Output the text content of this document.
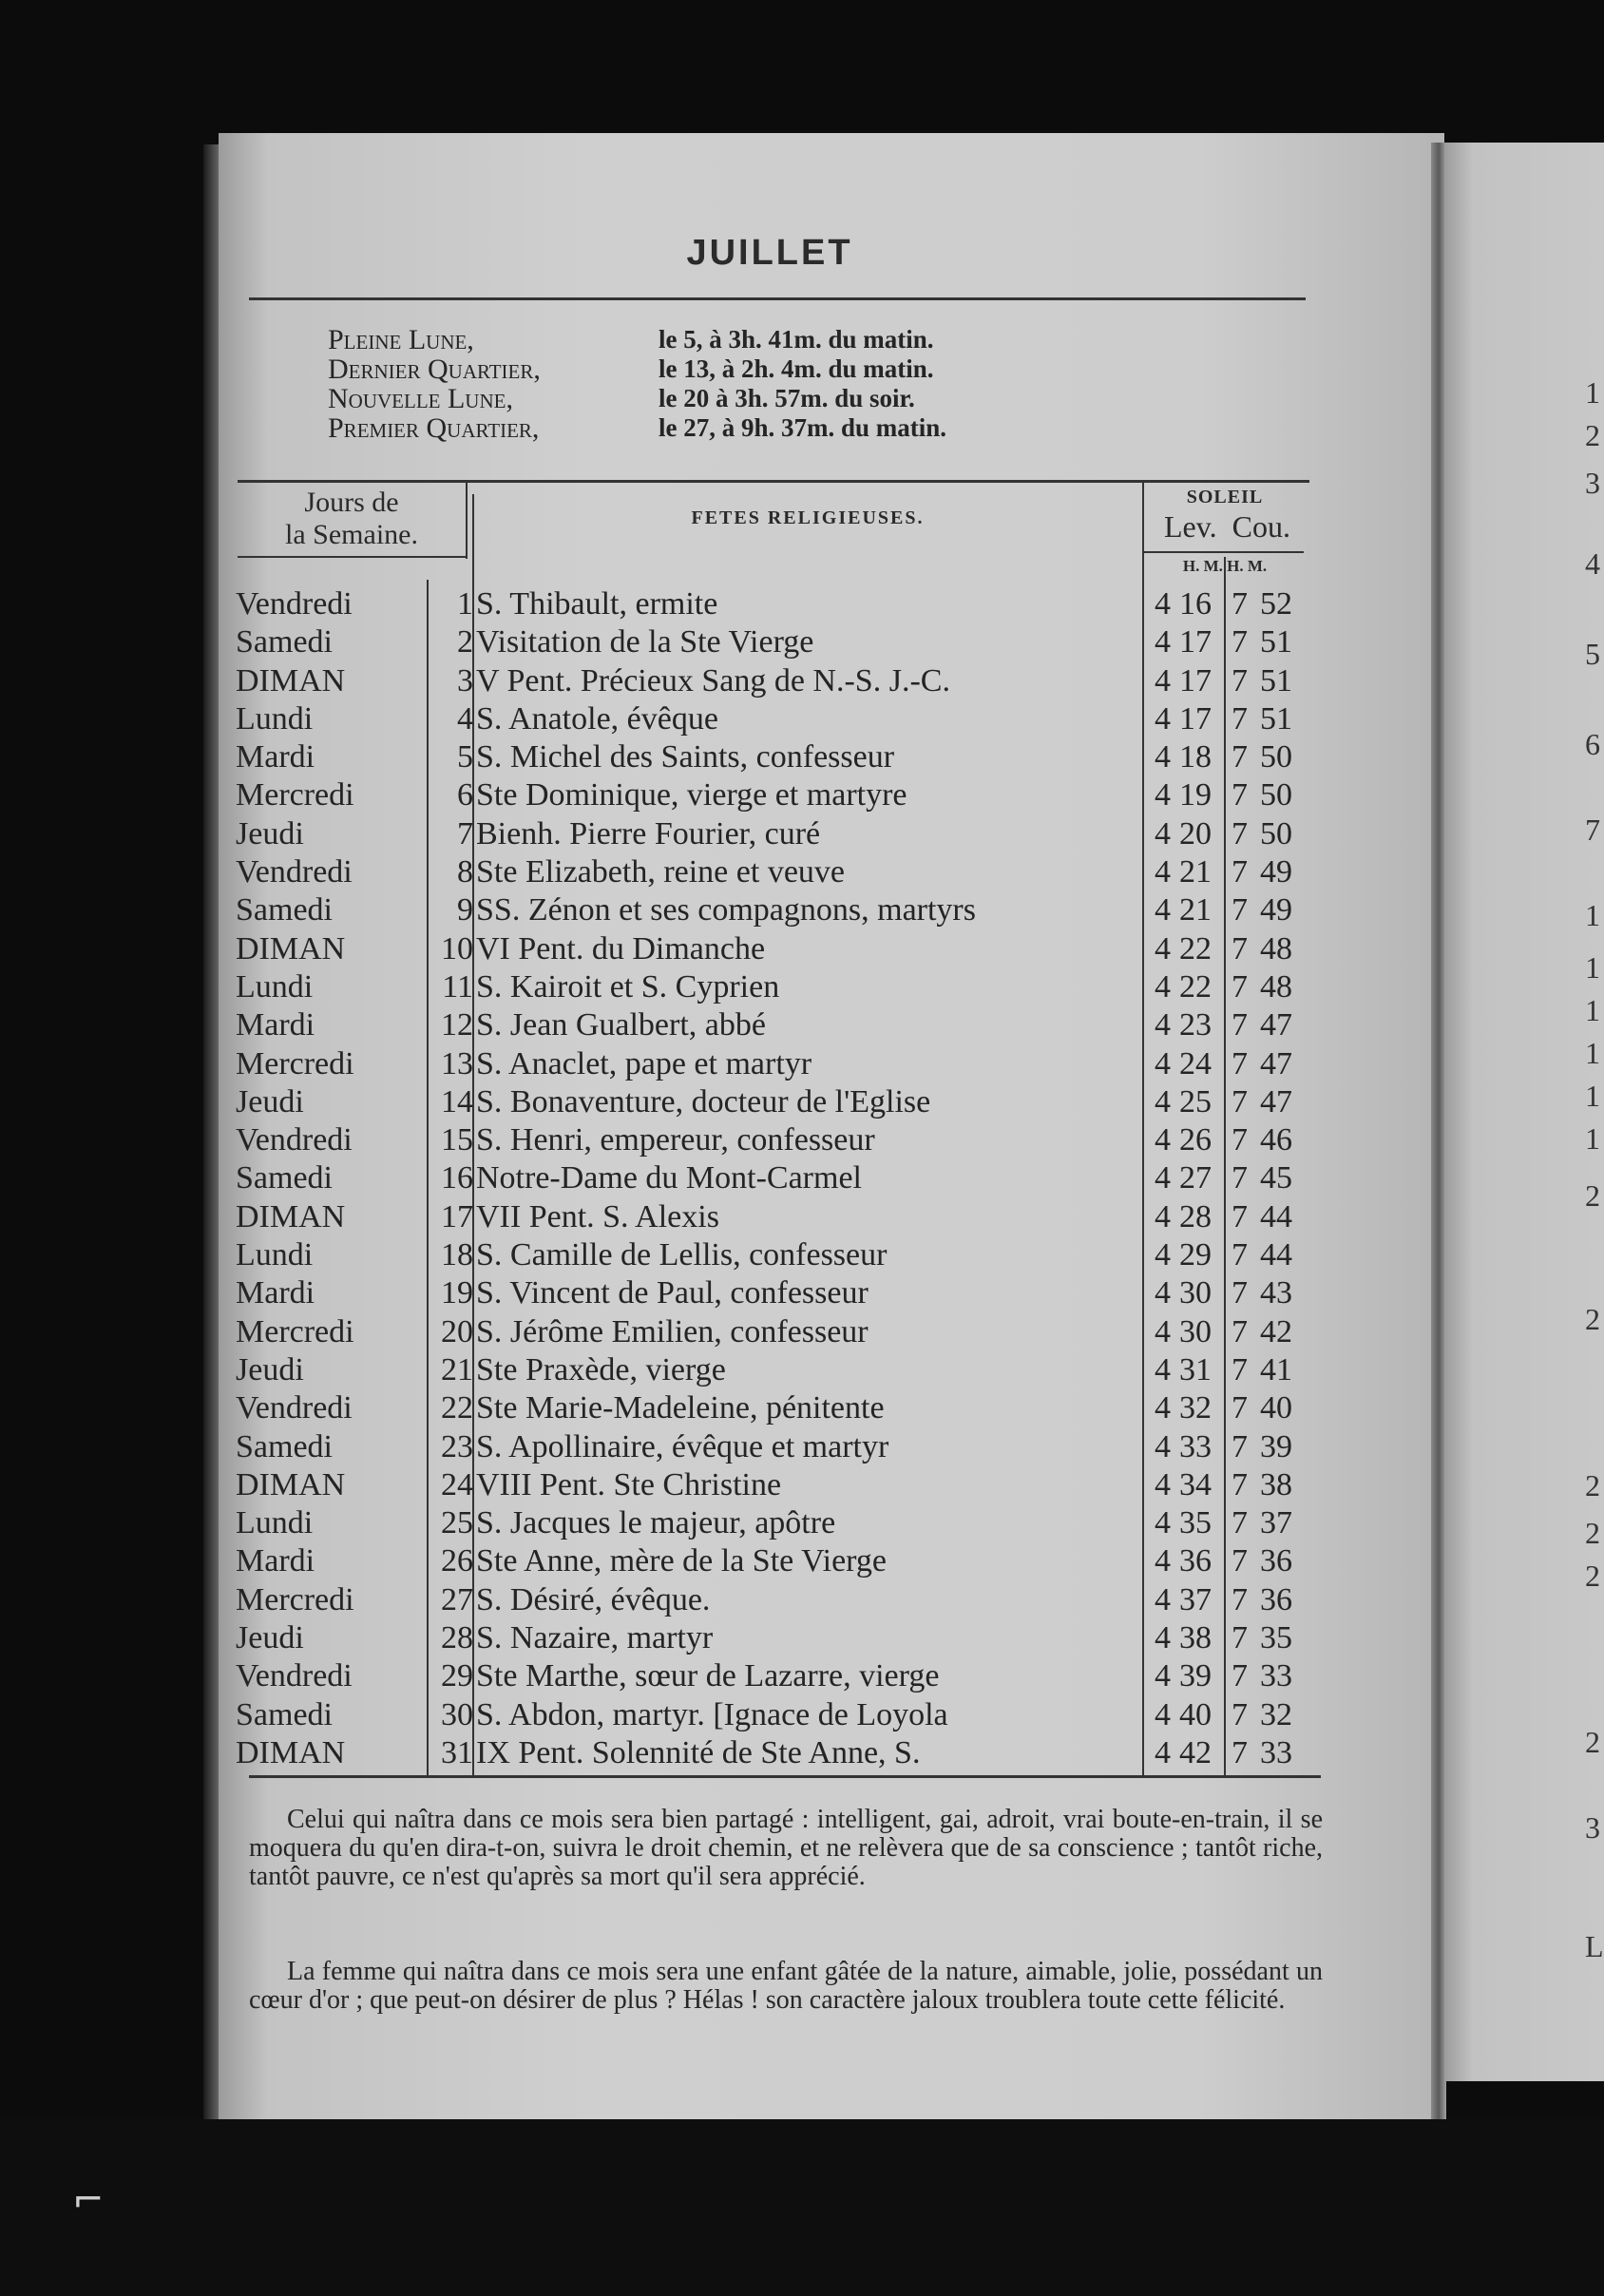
JUILLET
Pleine Lune,	le 5, à 3h. 41m. du matin.
Dernier Quartier,	le 13, à 2h. 4m. du matin.
Nouvelle Lune,	le 20 à 3h. 57m. du soir.
Premier Quartier,	le 27, à 9h. 37m. du matin.
Jours de
la Semaine.
FETES RELIGIEUSES.
SOLEIL
Lev. Cou.
H. M. H. M.
Vendredi	1 S. Thibault, ermite	4 16 7 52
Samedi	2 Visitation de la Ste Vierge	4 17 7 51
DIMAN	3 V Pent. Précieux Sang de N.-S. J.-C.	4 17 7 51
Lundi	4 S. Anatole, évêque	4 17 7 51
Mardi	5 S. Michel des Saints, confesseur	4 18 7 50
Mercredi	6 Ste Dominique, vierge et martyre	4 19 7 50
Jeudi	7 Bienh. Pierre Fourier, curé	4 20 7 50
Vendredi	8 Ste Elizabeth, reine et veuve	4 21 7 49
Samedi	9 SS. Zénon et ses compagnons, martyrs	4 21 7 49
DIMAN	10 VI Pent. du Dimanche	4 22 7 48
Lundi	11 S. Kairoit et S. Cyprien	4 22 7 48
Mardi	12 S. Jean Gualbert, abbé	4 23 7 47
Mercredi	13 S. Anaclet, pape et martyr	4 24 7 47
Jeudi	14 S. Bonaventure, docteur de l'Eglise	4 25 7 47
Vendredi	15 S. Henri, empereur, confesseur	4 26 7 46
Samedi	16 Notre-Dame du Mont-Carmel	4 27 7 45
DIMAN	17 VII Pent. S. Alexis	4 28 7 44
Lundi	18 S. Camille de Lellis, confesseur	4 29 7 44
Mardi	19 S. Vincent de Paul, confesseur	4 30 7 43
Mercredi	20 S. Jérôme Emilien, confesseur	4 30 7 42
Jeudi	21 Ste Praxède, vierge	4 31 7 41
Vendredi	22 Ste Marie-Madeleine, pénitente	4 32 7 40
Samedi	23 S. Apollinaire, évêque et martyr	4 33 7 39
DIMAN	24 VIII Pent. Ste Christine	4 34 7 38
Lundi	25 S. Jacques le majeur, apôtre	4 35 7 37
Mardi	26 Ste Anne, mère de la Ste Vierge	4 36 7 36
Mercredi	27 S. Désiré, évêque.	4 37 7 36
Jeudi	28 S. Nazaire, martyr	4 38 7 35
Vendredi	29 Ste Marthe, sœur de Lazarre, vierge	4 39 7 33
Samedi	30 S. Abdon, martyr. [Ignace de Loyola	4 40 7 32
DIMAN	31 IX Pent. Solennité de Ste Anne, S.	4 42 7 33
Celui qui naîtra dans ce mois sera bien partagé : intelligent, gai, adroit, vrai boute-en-train, il se moquera du qu'en dira-t-on, suivra le droit chemin, et ne relèvera que de sa conscience ; tantôt riche, tantôt pauvre, ce n'est qu'après sa mort qu'il sera apprécié.
La femme qui naîtra dans ce mois sera une enfant gâtée de la nature, aimable, jolie, possédant un cœur d'or ; que peut-on désirer de plus ? Hélas ! son caractère jaloux troublera toute cette félicité.
1
2
3
4
5
6
7
1
1
1
1
1
1
2
2
2
2
2
2
3
L
⌐
